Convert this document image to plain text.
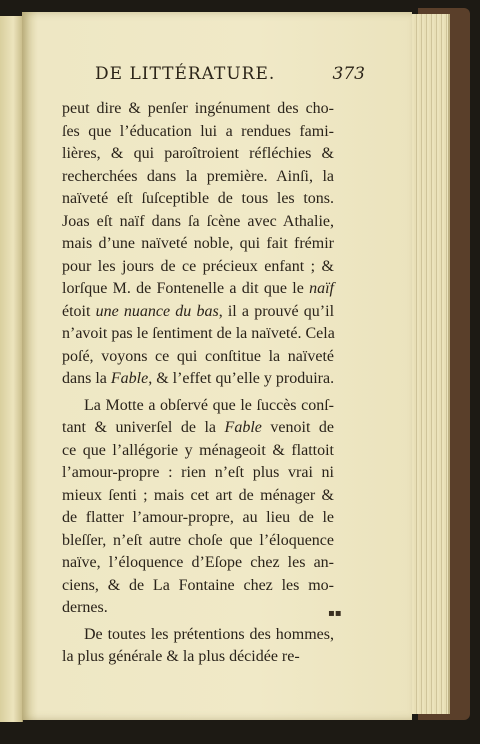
DE LITTÉRATURE.	373
peut dire & penſer ingénument des cho-
ſes que l’éducation lui a rendues fami-
lières, & qui paroîtroient réfléchies &
recherchées dans la première. Ainſi, la
naïveté eſt ſuſceptible de tous les tons.
Joas eſt naïf dans ſa ſcène avec Athalie,
mais d’une naïveté noble, qui fait frémir
pour les jours de ce précieux enfant ; &
lorſque M. de Fontenelle a dit que le naïf
étoit une nuance du bas, il a prouvé qu’il
n’avoit pas le ſentiment de la naïveté. Cela
poſé, voyons ce qui conſtitue la naïveté
dans la Fable, & l’effet qu’elle y produira.
La Motte a obſervé que le ſuccès conſ-
tant & univerſel de la Fable venoit de
ce que l’allégorie y ménageoit & flattoit
l’amour-propre : rien n’eſt plus vrai ni
mieux ſenti ; mais cet art de ménager &
de flatter l’amour-propre, au lieu de le
bleſſer, n’eſt autre choſe que l’éloquence
naïve, l’éloquence d’Eſope chez les an-
ciens, & de La Fontaine chez les mo-
dernes.
De toutes les prétentions des hommes,
la plus générale & la plus décidée re-
